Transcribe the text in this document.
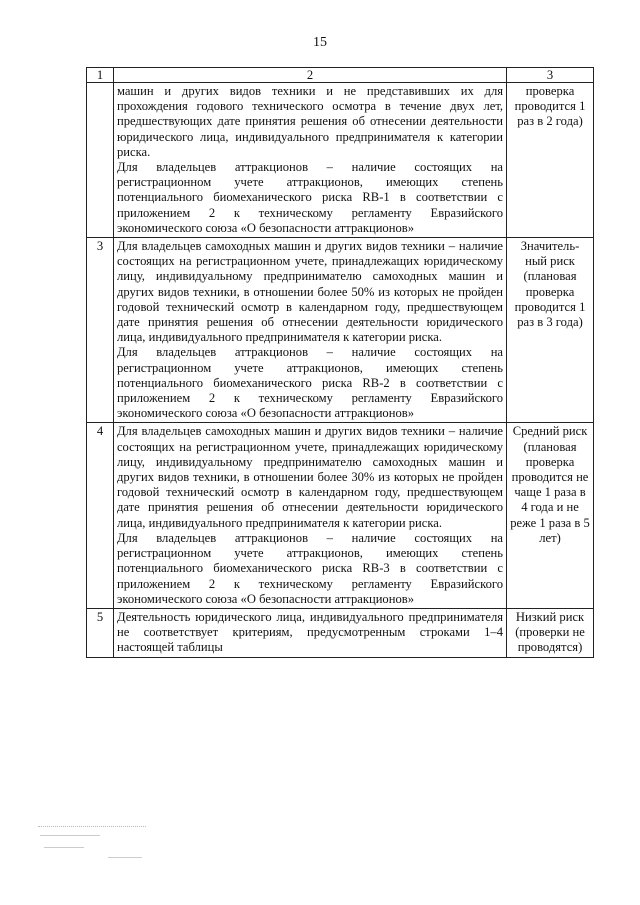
15
1	2	3

	машин и других видов техники и не представивших их для прохождения годового технического осмотра в течение двух лет, предшествующих дате принятия решения об отнесении деятельности юридического лица, индивидуального предпринимателя к категории риска.
Для владельцев аттракционов – наличие состоящих на регистрационном учете аттракционов, имеющих степень потенциального биомеханического риска RB-1 в соответствии с приложением 2 к техническому регламенту Евразийского экономического союза «О безопасности аттракционов»	проверка проводится 1 раз в 2 года)

3	Для владельцев самоходных машин и других видов техники – наличие состоящих на регистрационном учете, принадлежащих юридическому лицу, индивидуальному предпринимателю самоходных машин и других видов техники, в отношении более 50% из которых не пройден годовой технический осмотр в календарном году, предшествующем дате принятия решения об отнесении деятельности юридического лица, индивидуального предпринимателя к категории риска.
Для владельцев аттракционов – наличие состоящих на регистрационном учете аттракционов, имеющих степень потенциального биомеханического риска RB-2 в соответствии с приложением 2 к техническому регламенту Евразийского экономического союза «О безопасности аттракционов»	Значитель-ный риск (плановая проверка проводится 1 раз в 3 года)

4	Для владельцев самоходных машин и других видов техники – наличие состоящих на регистрационном учете, принадлежащих юридическому лицу, индивидуальному предпринимателю самоходных машин и других видов техники, в отношении более 30% из которых не пройден годовой технический осмотр в календарном году, предшествующем дате принятия решения об отнесении деятельности юридического лица, индивидуального предпринимателя к категории риска.
Для владельцев аттракционов – наличие состоящих на регистрационном учете аттракционов, имеющих степень потенциального биомеханического риска RB-3 в соответствии с приложением 2 к техническому регламенту Евразийского экономического союза «О безопасности аттракционов»	Средний риск (плановая проверка проводится не чаще 1 раза в 4 года и не реже 1 раза в 5 лет)

5	Деятельность юридического лица, индивидуального предпринимателя не соответствует критериям, предусмотренным строками 1–4 настоящей таблицы	Низкий риск (проверки не проводятся)
